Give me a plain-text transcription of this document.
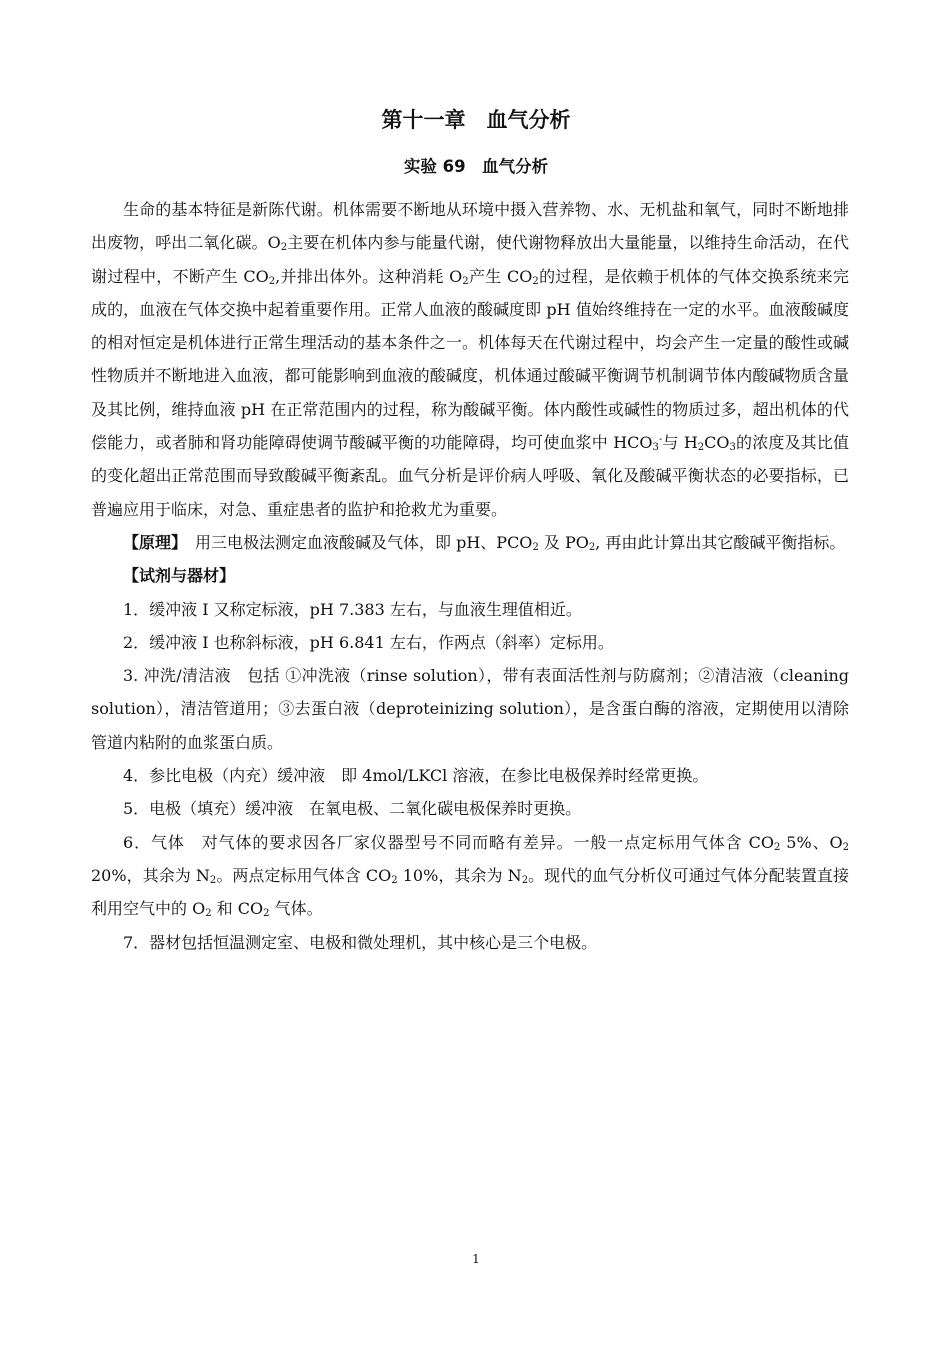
第十一章　血气分析
实验 69　血气分析

生命的基本特征是新陈代谢。机体需要不断地从环境中摄入营养物、水、无机盐和氧气，同时不断地排出废物，呼出二氧化碳。$O_2$主要在机体内参与能量代谢，使代谢物释放出大量能量，以维持生命活动，在代谢过程中，不断产生 $CO_2$,并排出体外。这种消耗 $O_2$产生 $CO_2$的过程，是依赖于机体的气体交换系统来完成的，血液在气体交换中起着重要作用。正常人血液的酸碱度即 pH 值始终维持在一定的水平。血液酸碱度的相对恒定是机体进行正常生理活动的基本条件之一。机体每天在代谢过程中，均会产生一定量的酸性或碱性物质并不断地进入血液，都可能影响到血液的酸碱度，机体通过酸碱平衡调节机制调节体内酸碱物质含量及其比例，维持血液 pH 在正常范围内的过程，称为酸碱平衡。体内酸性或碱性的物质过多，超出机体的代偿能力，或者肺和肾功能障碍使调节酸碱平衡的功能障碍，均可使血浆中 $HCO_3^-$与 $H_2CO_3$的浓度及其比值的变化超出正常范围而导致酸碱平衡紊乱。血气分析是评价病人呼吸、氧化及酸碱平衡状态的必要指标，已普遍应用于临床，对急、重症患者的监护和抢救尤为重要。

【原理】　用三电极法测定血液酸碱及气体，即 pH、$PCO_2$ 及 $PO_2$, 再由此计算出其它酸碱平衡指标。

【试剂与器材】

1．缓冲液 I 又称定标液，pH 7.383 左右，与血液生理值相近。

2．缓冲液 I 也称斜标液，pH 6.841 左右，作两点（斜率）定标用。

3. 冲洗/清洁液　包括 ①冲洗液（rinse solution），带有表面活性剂与防腐剂；②清洁液（cleaning solution），清洁管道用；③去蛋白液（deproteinizing solution），是含蛋白酶的溶液，定期使用以清除管道内粘附的血浆蛋白质。

4．参比电极（内充）缓冲液　即 4mol/LKCl 溶液，在参比电极保养时经常更换。

5．电极（填充）缓冲液　在氧电极、二氧化碳电极保养时更换。

6．气体　对气体的要求因各厂家仪器型号不同而略有差异。一般一点定标用气体含 $CO_2$ 5%、$O_2$ 20%，其余为 $N_2$。两点定标用气体含 $CO_2$ 10%，其余为 $N_2$。现代的血气分析仪可通过气体分配装置直接利用空气中的 $O_2$ 和 $CO_2$ 气体。

7．器材包括恒温测定室、电极和微处理机，其中核心是三个电极。

1
